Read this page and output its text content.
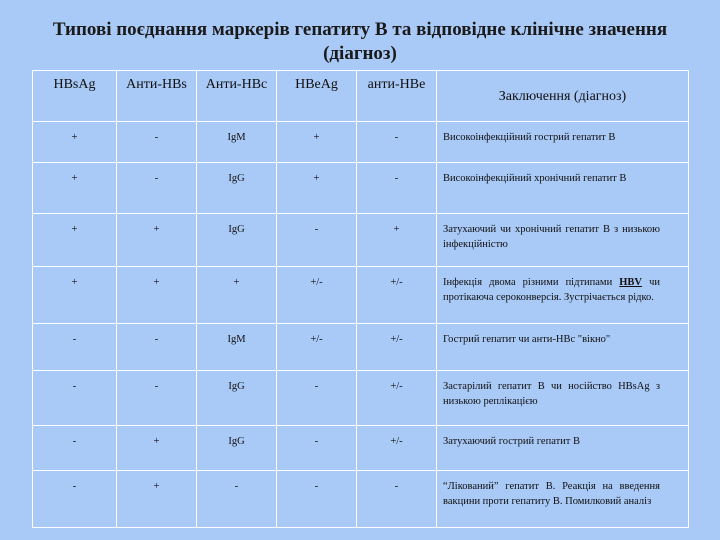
Типові поєднання маркерів гепатиту В та відповідне клінічне значення (діагноз)
HBsAg	Анти-HBs	Анти-HBc	HBeAg	анти-HBe	Заключення (діагноз)
+	-	IgM	+	-	Високоінфекційний гострий гепатит В
+	-	IgG	+	-	Високоінфекційний хронічний гепатит В
+	+	IgG	-	+	Затухаючий чи хронічний гепатит В з низькою інфекційністю
+	+	+	+/-	+/-	Інфекція двома різними підтипами HBV чи протікаюча сероконверсія. Зустрічається рідко.
-	-	IgM	+/-	+/-	Гострий гепатит чи анти-HBc "вікно"
-	-	IgG	-	+/-	Застарілий гепатит В чи носійство HBsAg з низькою реплікацією
-	+	IgG	-	+/-	Затухаючий гострий гепатит В
-	+	-	-	-	“Лікований” гепатит В. Реакція на введення вакцини проти гепатиту В. Помилковий аналіз
